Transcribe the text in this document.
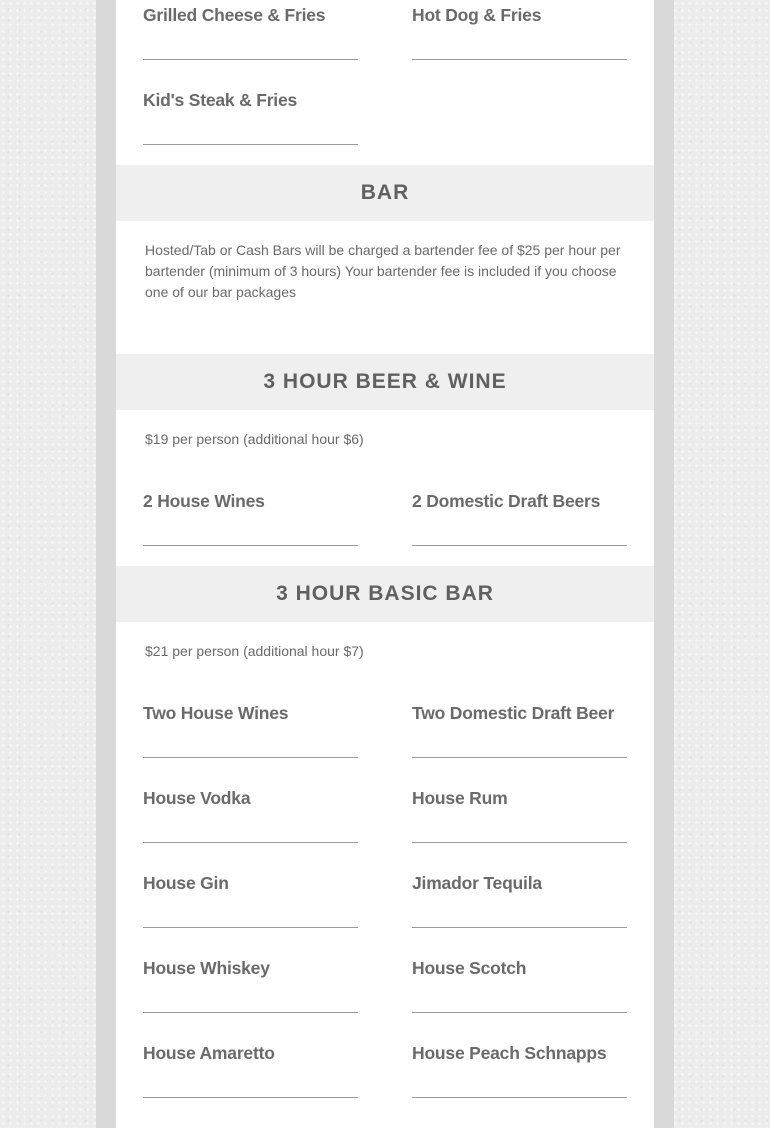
Grilled Cheese & Fries	Hot Dog & Fries
Kid's Steak & Fries
BAR
Hosted/Tab or Cash Bars will be charged a bartender fee of $25 per hour per bartender (minimum of 3 hours) Your bartender fee is included if you choose one of our bar packages
3 HOUR BEER & WINE
$19 per person (additional hour $6)
2 House Wines	2 Domestic Draft Beers
3 HOUR BASIC BAR
$21 per person (additional hour $7)
Two House Wines	Two Domestic Draft Beer
House Vodka	House Rum
House Gin	Jimador Tequila
House Whiskey	House Scotch
House Amaretto	House Peach Schnapps
